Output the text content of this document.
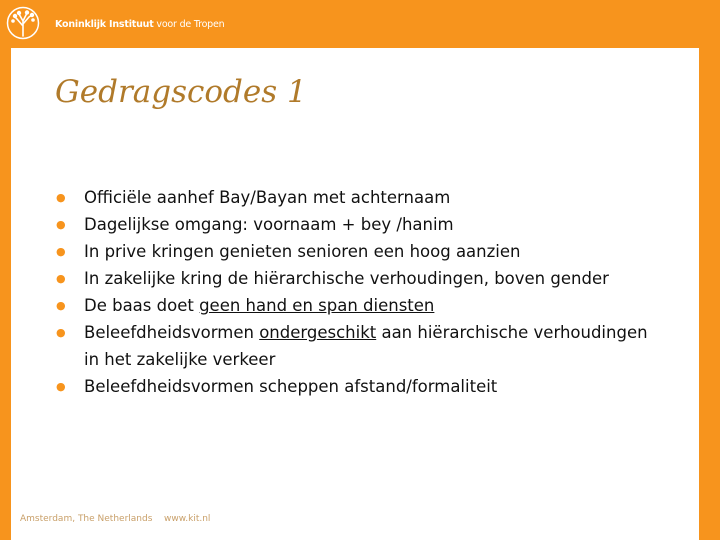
Koninklijk Instituut voor de Tropen
Gedragscodes 1
● Officiële aanhef Bay/Bayan met achternaam
● Dagelijkse omgang: voornaam + bey /hanim
● In prive kringen genieten senioren een hoog aanzien
● In zakelijke kring de hiërarchische verhoudingen, boven gender
● De baas doet geen hand en span diensten
● Beleefdheidsvormen ondergeschikt aan hiërarchische verhoudingen in het zakelijke verkeer
● Beleefdheidsvormen scheppen afstand/formaliteit
Amsterdam, The Netherlands www.kit.nl
